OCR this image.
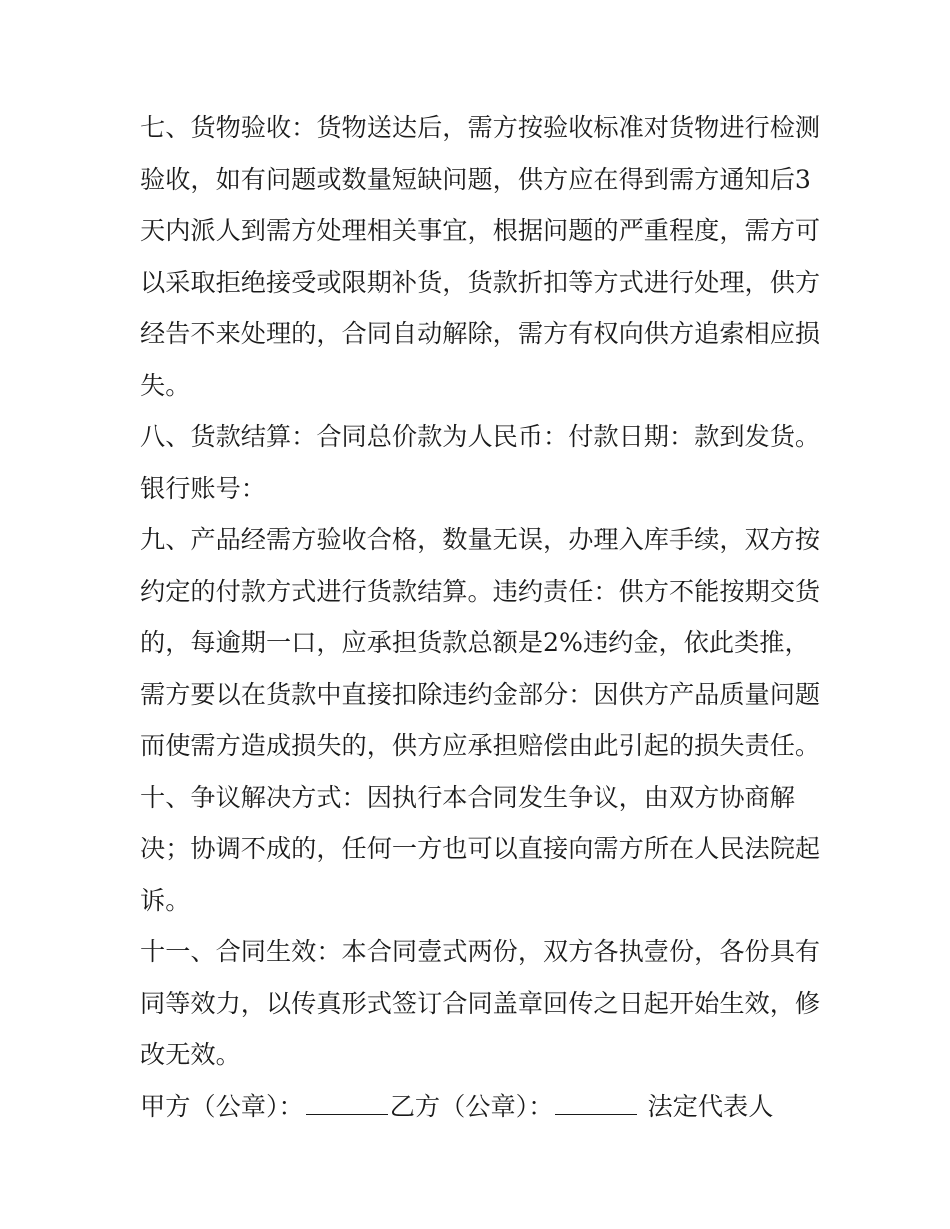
七、货物验收：货物送达后，需方按验收标准对货物进行检测
验收，如有问题或数量短缺问题，供方应在得到需方通知后3
天内派人到需方处理相关事宜，根据问题的严重程度，需方可
以采取拒绝接受或限期补货，货款折扣等方式进行处理，供方
经告不来处理的，合同自动解除，需方有权向供方追索相应损
失。
八、货款结算：合同总价款为人民币：付款日期：款到发货。
银行账号：
九、产品经需方验收合格，数量无误，办理入库手续，双方按
约定的付款方式进行货款结算。违约责任：供方不能按期交货
的，每逾期一口，应承担货款总额是2%违约金，依此类推，
需方要以在货款中直接扣除违约金部分：因供方产品质量问题
而使需方造成损失的，供方应承担赔偿由此引起的损失责任。
十、争议解决方式：因执行本合同发生争议，由双方协商解
决；协调不成的，任何一方也可以直接向需方所在人民法院起
诉。
十一、合同生效：本合同壹式两份，双方各执壹份，各份具有
同等效力，以传真形式签订合同盖章回传之日起开始生效，修
改无效。
甲方（公章）：	乙方（公章）：	法定代表人
